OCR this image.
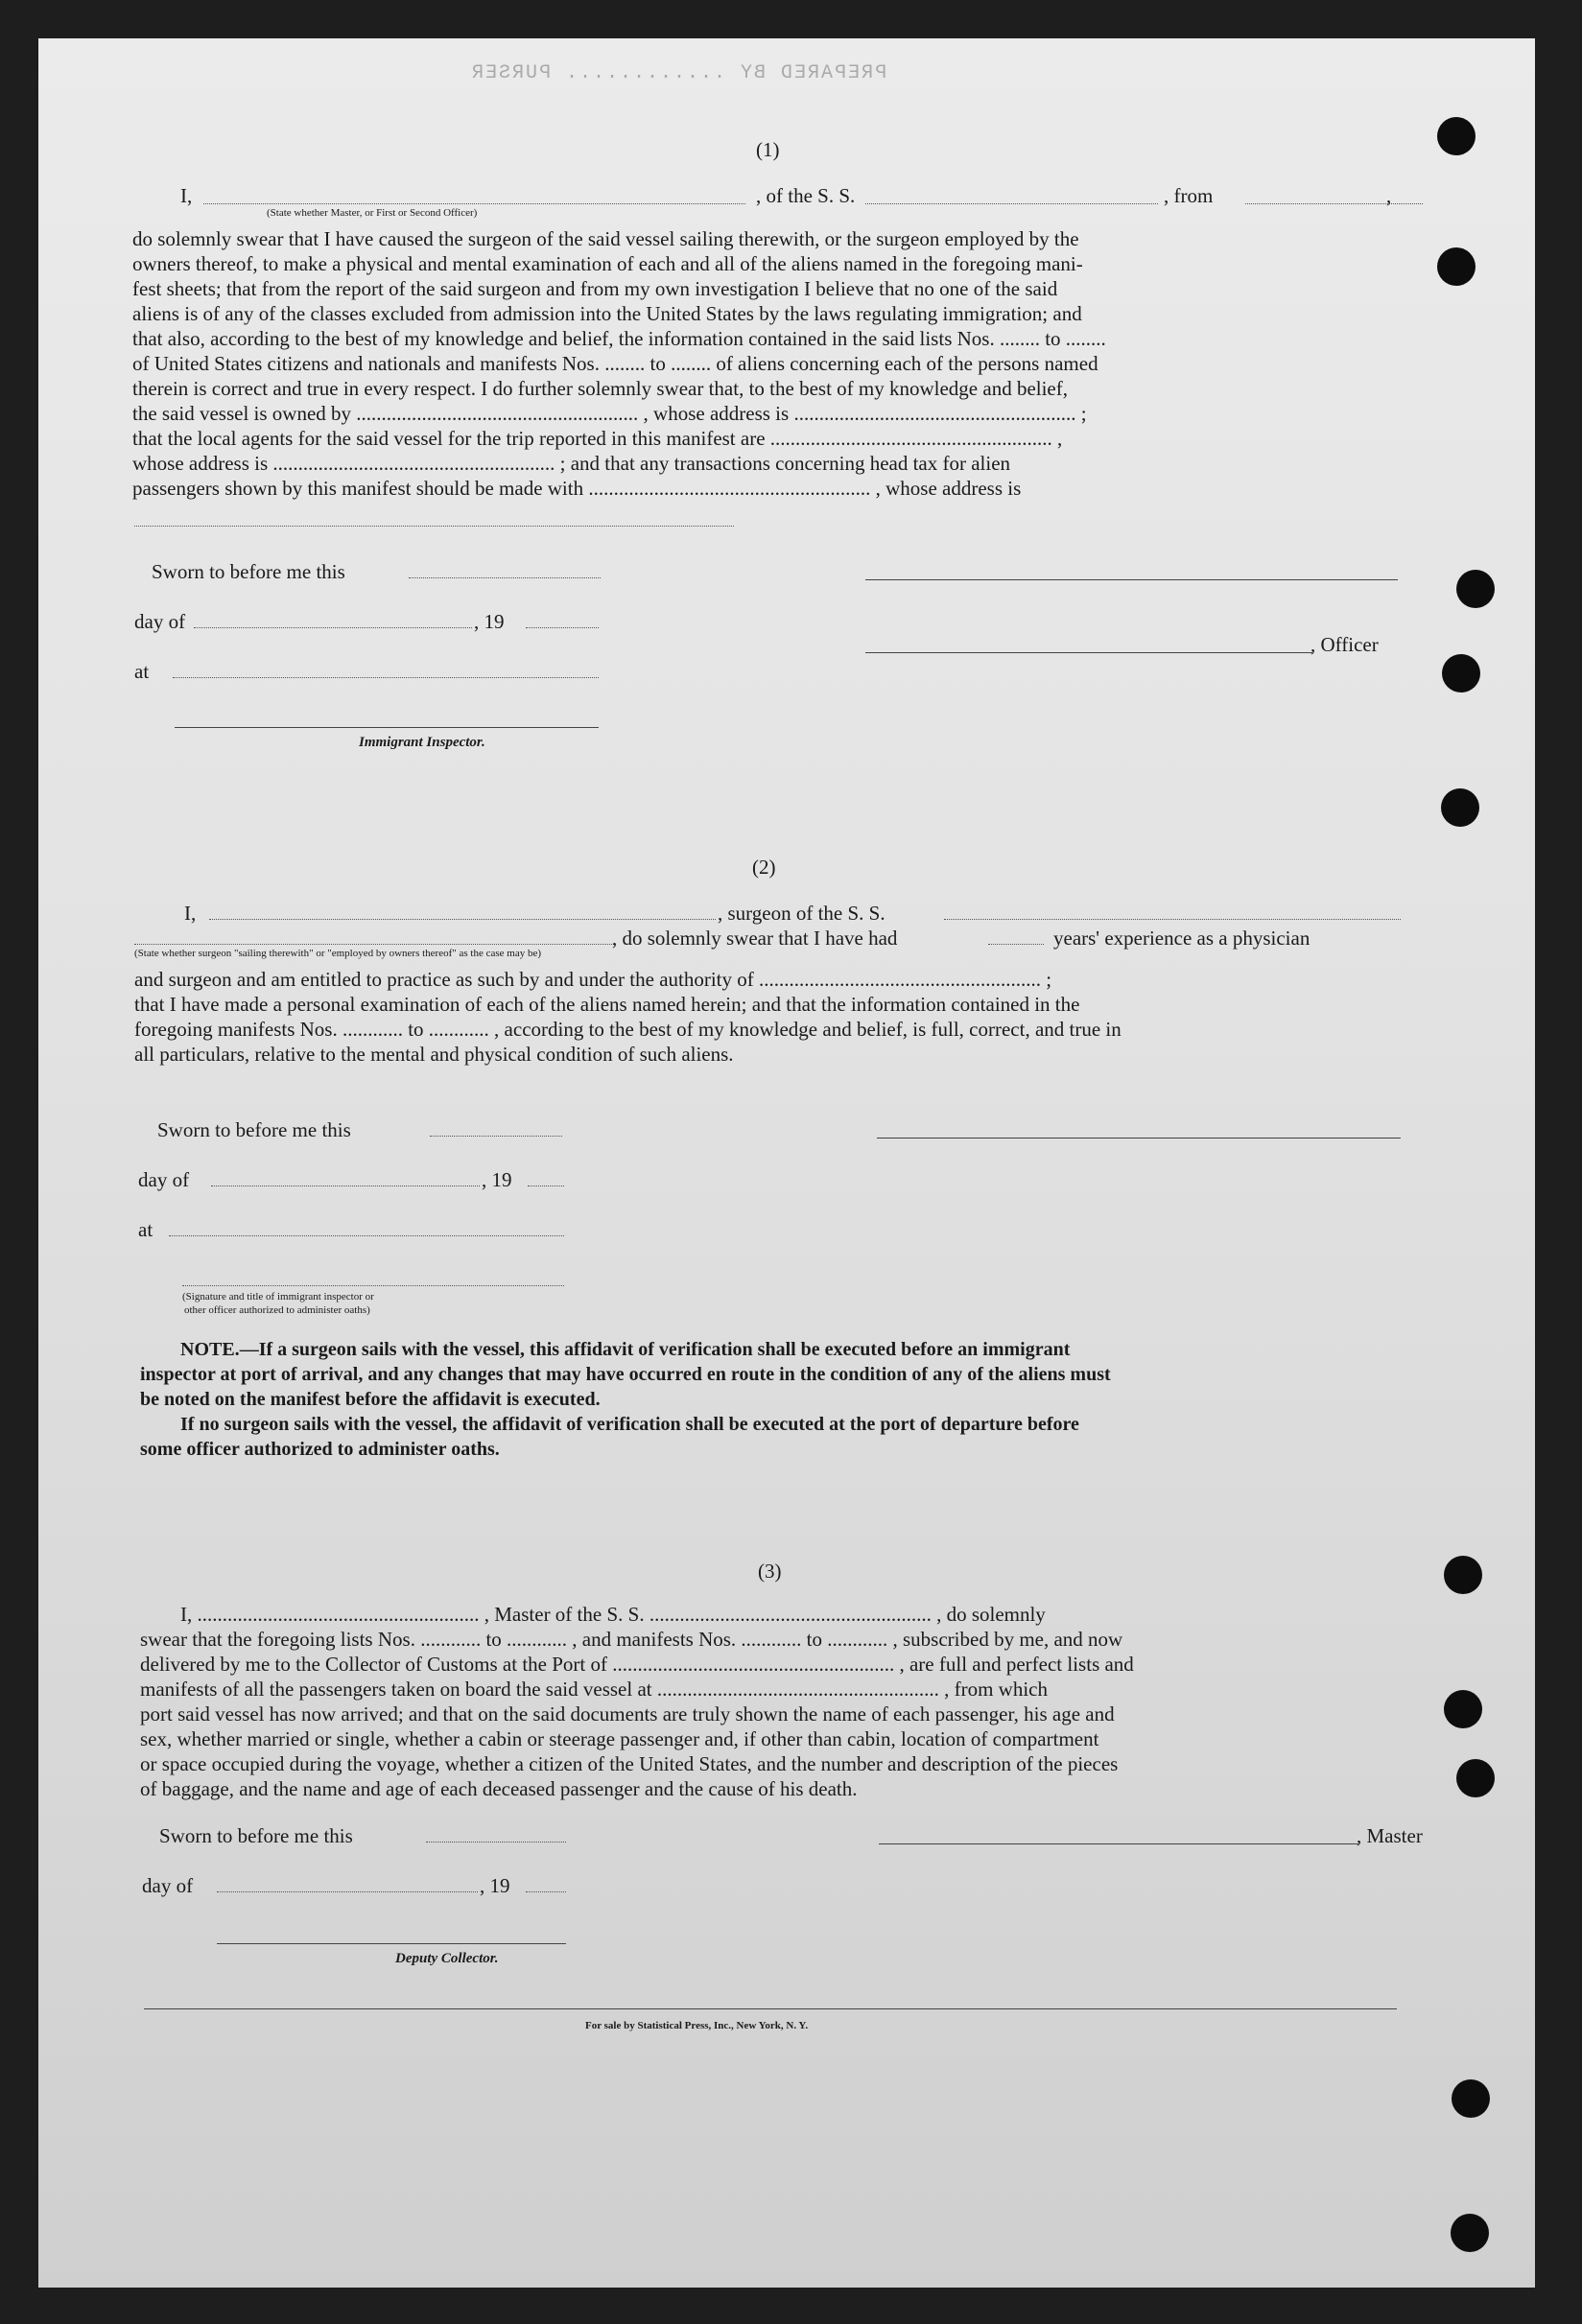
PREPARED BY ............ PURSER
(1)
I,	, of the S. S.	, from	,
(State whether Master, or First or Second Officer)
do solemnly swear that I have caused the surgeon of the said vessel sailing therewith, or the surgeon employed by the
owners thereof, to make a physical and mental examination of each and all of the aliens named in the foregoing mani-
fest sheets; that from the report of the said surgeon and from my own investigation I believe that no one of the said
aliens is of any of the classes excluded from admission into the United States by the laws regulating immigration; and
that also, according to the best of my knowledge and belief, the information contained in the said lists Nos. ........ to ........
of United States citizens and nationals and manifests Nos. ........ to ........ of aliens concerning each of the persons named
therein is correct and true in every respect. I do further solemnly swear that, to the best of my knowledge and belief,
the said vessel is owned by ........................................................ , whose address is ........................................................ ;
that the local agents for the said vessel for the trip reported in this manifest are ........................................................ ,
whose address is ........................................................ ; and that any transactions concerning head tax for alien
passengers shown by this manifest should be made with ........................................................ , whose address is
Sworn to before me this
day of	, 19
, Officer
at
Immigrant Inspector.
(2)
I,	, surgeon of the S. S.
, do solemnly swear that I have had	years' experience as a physician
(State whether surgeon "sailing therewith" or "employed by owners thereof" as the case may be)
and surgeon and am entitled to practice as such by and under the authority of ........................................................ ;
that I have made a personal examination of each of the aliens named herein; and that the information contained in the
foregoing manifests Nos. ............ to ............ , according to the best of my knowledge and belief, is full, correct, and true in
all particulars, relative to the mental and physical condition of such aliens.
Sworn to before me this
day of	, 19
at
(Signature and title of immigrant inspector or
other officer authorized to administer oaths)
NOTE.—If a surgeon sails with the vessel, this affidavit of verification shall be executed before an immigrant
inspector at port of arrival, and any changes that may have occurred en route in the condition of any of the aliens must
be noted on the manifest before the affidavit is executed.
If no surgeon sails with the vessel, the affidavit of verification shall be executed at the port of departure before
some officer authorized to administer oaths.
(3)
I, ........................................................ , Master of the S. S. ........................................................ , do solemnly
swear that the foregoing lists Nos. ............ to ............ , and manifests Nos. ............ to ............ , subscribed by me, and now
delivered by me to the Collector of Customs at the Port of ........................................................ , are full and perfect lists and
manifests of all the passengers taken on board the said vessel at ........................................................ , from which
port said vessel has now arrived; and that on the said documents are truly shown the name of each passenger, his age and
sex, whether married or single, whether a cabin or steerage passenger and, if other than cabin, location of compartment
or space occupied during the voyage, whether a citizen of the United States, and the number and description of the pieces
of baggage, and the name and age of each deceased passenger and the cause of his death.
Sworn to before me this	, Master
day of	, 19
Deputy Collector.
For sale by Statistical Press, Inc., New York, N. Y.
